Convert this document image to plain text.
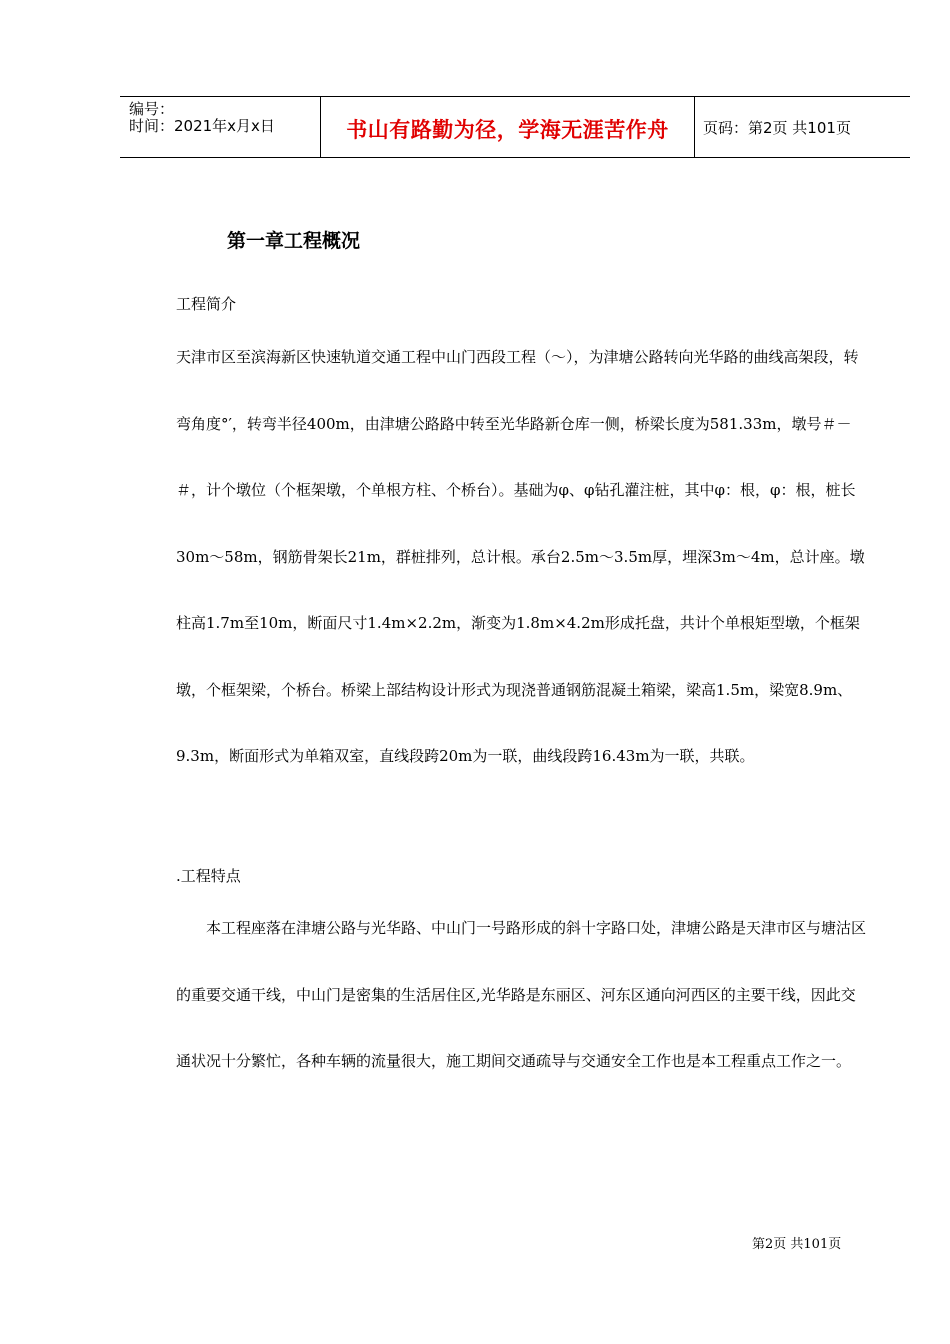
编号：
时间：2021年x月x日	书山有路勤为径，学海无涯苦作舟	页码：第2页 共101页
第一章工程概况
工程简介

天津市区至滨海新区快速轨道交通工程中山门西段工程（～），为津塘公路转向光华路的曲线高架段，转弯角度°′，转弯半径400m，由津塘公路路中转至光华路新仓库一侧，桥梁长度为581.33m，墩号＃－＃，计个墩位（个框架墩，个单根方柱、个桥台）。基础为φ、φ钻孔灌注桩，其中φ：根，φ：根，桩长30m～58m，钢筋骨架长21m，群桩排列，总计根。承台2.5m～3.5m厚，埋深3m～4m，总计座。墩柱高1.7m至10m，断面尺寸1.4m×2.2m，渐变为1.8m×4.2m形成托盘，共计个单根矩型墩，个框架墩，个框架梁，个桥台。桥梁上部结构设计形式为现浇普通钢筋混凝土箱梁，梁高1.5m，梁宽8.9m、9.3m，断面形式为单箱双室，直线段跨20m为一联，曲线段跨16.43m为一联，共联。

.工程特点

本工程座落在津塘公路与光华路、中山门一号路形成的斜十字路口处，津塘公路是天津市区与塘沽区的重要交通干线，中山门是密集的生活居住区,光华路是东丽区、河东区通向河西区的主要干线，因此交通状况十分繁忙，各种车辆的流量很大，施工期间交通疏导与交通安全工作也是本工程重点工作之一。

第2页 共101页
